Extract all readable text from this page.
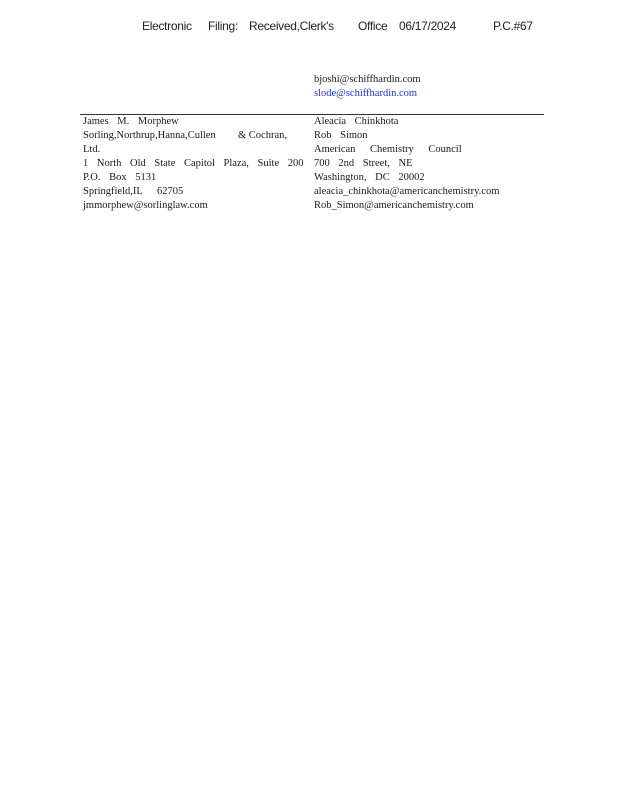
Electronic Filing: Received,Clerk's Office 06/17/2024	P.C.#67
bjoshi@schiffhardin.com
slode@schiffhardin.com
James M. Morphew
Sorling,Northrup,Hanna,Cullen & Cochran,
Ltd.
1 North Old State Capitol Plaza, Suite 200
P.O. Box 5131
Springfield,IL 62705
jmmorphew@sorlinglaw.com
Aleacia Chinkhota
Rob Simon
American Chemistry Council
700 2nd Street, NE
Washington, DC 20002
aleacia_chinkhota@americanchemistry.com
Rob_Simon@americanchemistry.com
